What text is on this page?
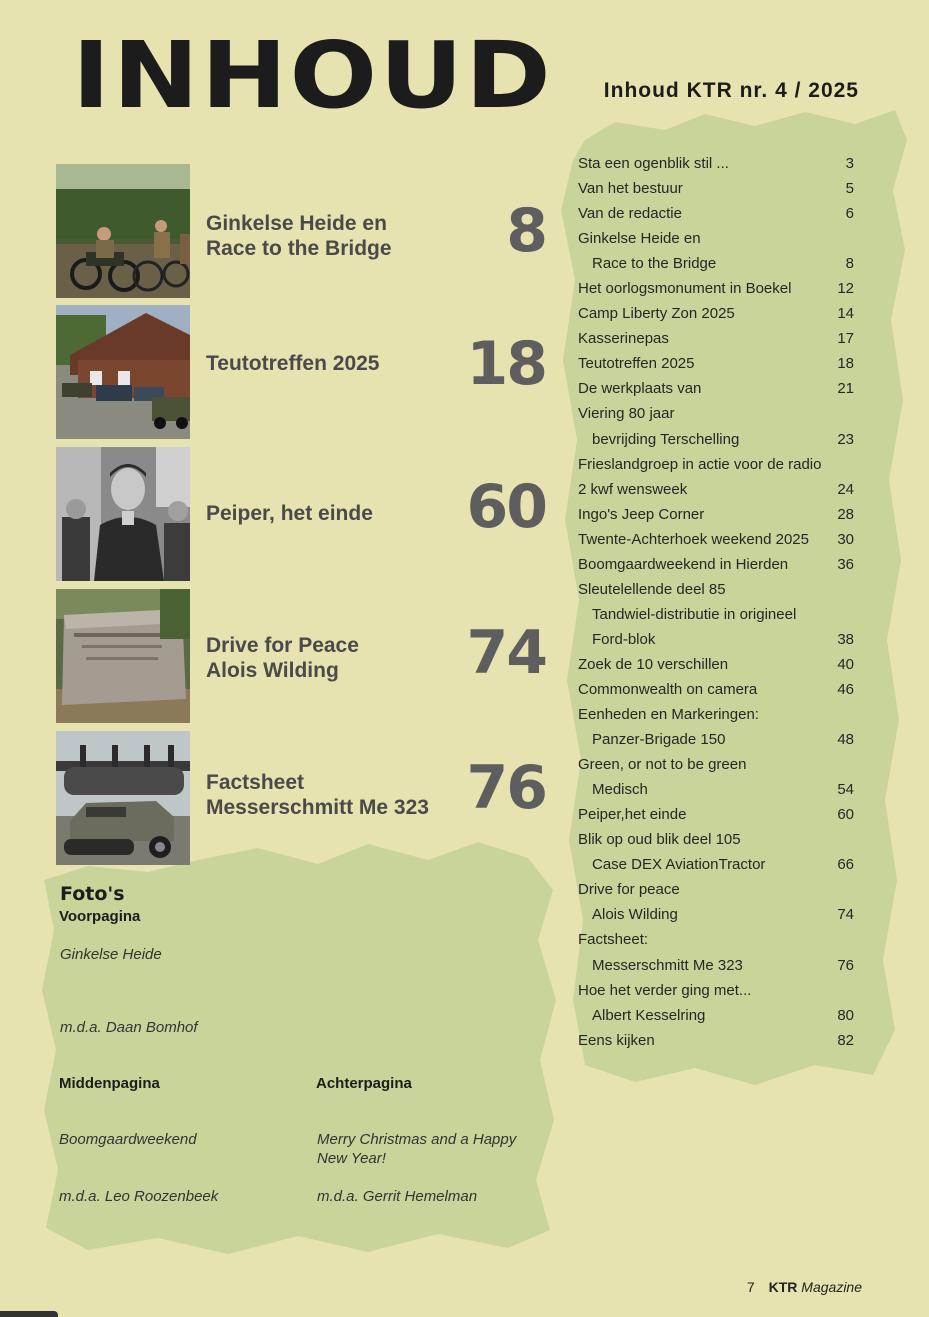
INHOUD Inhoud KTR nr. 4 / 2025
Ginkelse Heide en
Race to the Bridge 8
Teutotreffen 2025 18
Peiper, het einde 60
Drive for Peace
Alois Wilding	74
Factsheet
Messerschmitt Me 323 76
Sta een ogenblik stil ...	3
Van het bestuur	5
Van de redactie	6
Ginkelse Heide en
Race to the Bridge	8
Het oorlogsmonument in Boekel	12
Camp Liberty Zon 2025	14
Kasserinepas	17
Teutotreffen 2025	18
De werkplaats van	21
Viering 80 jaar
bevrijding Terschelling	23
Frieslandgroep in actie voor de radio
2 kwf wensweek	24
Ingo's Jeep Corner	28
Twente-Achterhoek weekend 2025 30
Boomgaardweekend in Hierden	36
Sleutelellende deel 85
Tandwiel-distributie in origineel
Ford-blok	38
Zoek de 10 verschillen	40
Commonwealth on camera	46
Eenheden en Markeringen:
Panzer-Brigade 150	48
Green, or not to be green
Medisch	54
Peiper,het einde	60
Blik op oud blik deel 105
Case DEX AviationTractor	66
Drive for peace
Alois Wilding	74
Factsheet:
Messerschmitt Me 323	76
Hoe het verder ging met...
Albert Kesselring	80
Eens kijken	82
Foto's
Voorpagina
Ginkelse Heide
m.d.a. Daan Bomhof
Middenpagina
Boomgaardweekend
m.d.a. Leo Roozenbeek
Achterpagina
Merry Christmas and a Happy New Year!
m.d.a. Gerrit Hemelman
7 KTR Magazine
